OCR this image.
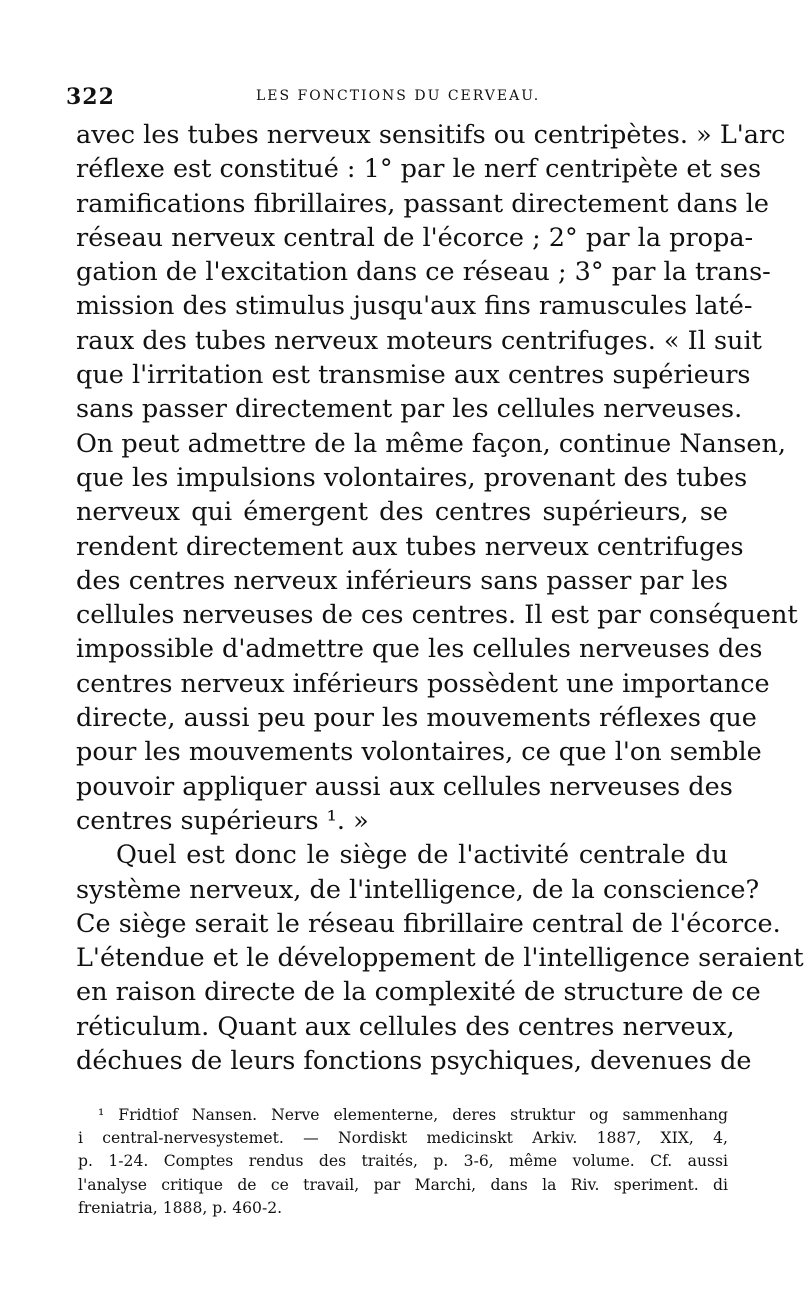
322	LES FONCTIONS DU CERVEAU.
avec les tubes nerveux sensitifs ou centripètes. » L'arc
réflexe est constitué : 1° par le nerf centripète et ses
ramifications fibrillaires, passant directement dans le
réseau nerveux central de l'écorce ; 2° par la propa-
gation de l'excitation dans ce réseau ; 3° par la trans-
mission des stimulus jusqu'aux fins ramuscules laté-
raux des tubes nerveux moteurs centrifuges. « Il suit
que l'irritation est transmise aux centres supérieurs
sans passer directement par les cellules nerveuses.
On peut admettre de la même façon, continue Nansen,
que les impulsions volontaires, provenant des tubes
nerveux qui émergent des centres supérieurs, se
rendent directement aux tubes nerveux centrifuges
des centres nerveux inférieurs sans passer par les
cellules nerveuses de ces centres. Il est par conséquent
impossible d'admettre que les cellules nerveuses des
centres nerveux inférieurs possèdent une importance
directe, aussi peu pour les mouvements réflexes que
pour les mouvements volontaires, ce que l'on semble
pouvoir appliquer aussi aux cellules nerveuses des
centres supérieurs ¹. »
Quel est donc le siège de l'activité centrale du
système nerveux, de l'intelligence, de la conscience?
Ce siège serait le réseau fibrillaire central de l'écorce.
L'étendue et le développement de l'intelligence seraient
en raison directe de la complexité de structure de ce
réticulum. Quant aux cellules des centres nerveux,
déchues de leurs fonctions psychiques, devenues de
¹ Fridtiof Nansen. Nerve elementerne, deres struktur og sammenhang
i central-nervesystemet. — Nordiskt medicinskt Arkiv. 1887, XIX, 4,
p. 1-24. Comptes rendus des traités, p. 3-6, même volume. Cf. aussi
l'analyse critique de ce travail, par Marchi, dans la Riv. speriment. di
freniatria, 1888, p. 460-2.
